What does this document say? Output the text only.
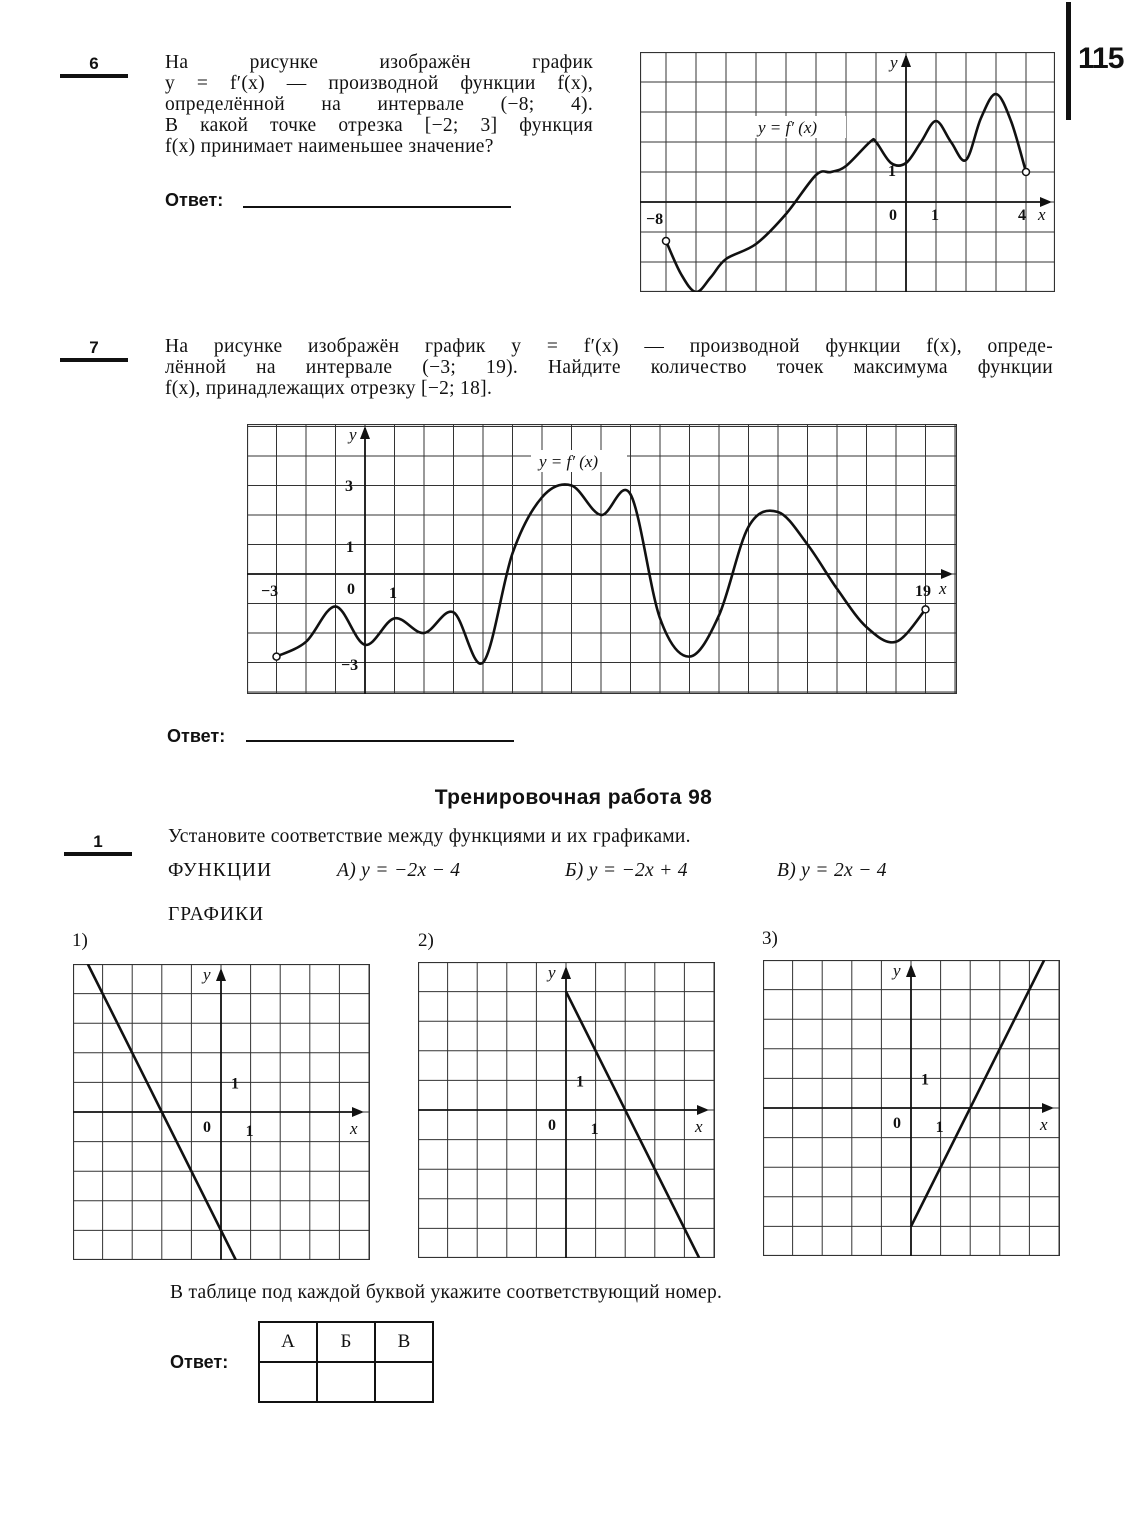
115
6	На рисунке изображён график
y = f′(x) — производной функции f(x),
определённой на интервале (−8; 4).
В какой точке отрезка [−2; 3] функция
f(x) принимает наименьшее значение?
Ответ:
y = f′ (x)
y
x
−8	0 1	4
1
7	На рисунке изображён график y = f′(x) — производной функции f(x), опреде-
лённой на интервале (−3; 19). Найдите количество точек максимума функции
f(x), принадлежащих отрезку [−2; 18].
y = f′ (x)
y
x
−3	0 1	19
3
1
−3
Ответ:
Тренировочная работа 98
1	Установите соответствие между функциями и их графиками.
ФУНКЦИИ	А) y = −2x − 4	Б) y = −2x + 4	В) y = 2x − 4
ГРАФИКИ
1)	2)	3)
y
x
0 1
1
y
x
0 1
1
y
x
0 1
1
В таблице под каждой буквой укажите соответствующий номер.
Ответ:
А	Б	В
